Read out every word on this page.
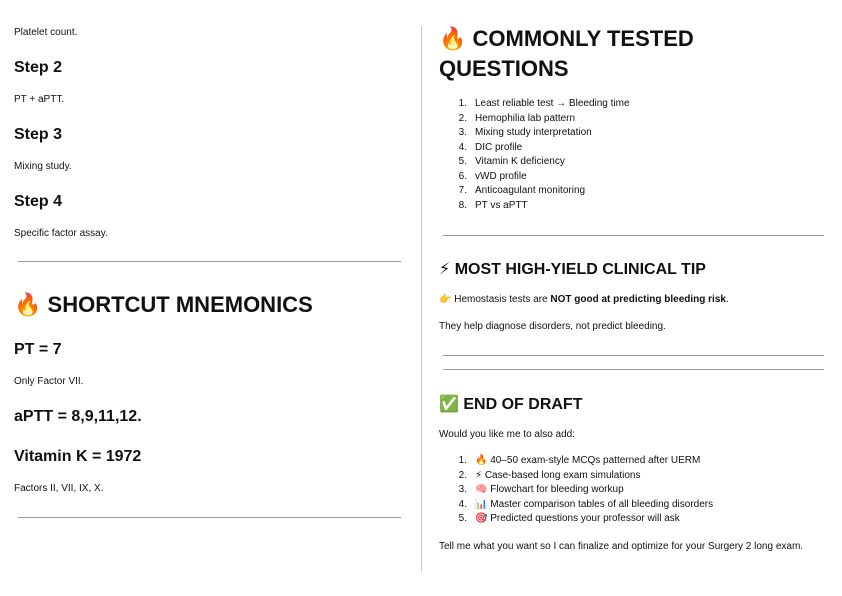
Platelet count.

Step 2

PT + aPTT.

Step 3

Mixing study.

Step 4

Specific factor assay.

🔥 SHORTCUT MNEMONICS
PT = 7

Only Factor VII.

aPTT = 8,9,11,12.
Vitamin K = 1972

Factors II, VII, IX, X.

🔥 COMMONLY TESTED
QUESTIONS
1. Least reliable test → Bleeding time
2. Hemophilia lab pattern
3. Mixing study interpretation
4. DIC profile
5. Vitamin K deficiency
6. vWD profile
7. Anticoagulant monitoring
8. PT vs aPTT
⚡ MOST HIGH-YIELD CLINICAL TIP

👉 Hemostasis tests are NOT good at predicting bleeding risk.

They help diagnose disorders, not predict bleeding.

✅ END OF DRAFT

Would you like me to also add:

1. 🔥 40–50 exam-style MCQs patterned after UERM
2. ⚡ Case-based long exam simulations
3. 🧠 Flowchart for bleeding workup
4. 📊 Master comparison tables of all bleeding disorders
5. 🎯 Predicted questions your professor will ask

Tell me what you want so I can finalize and optimize for your Surgery 2 long exam.
